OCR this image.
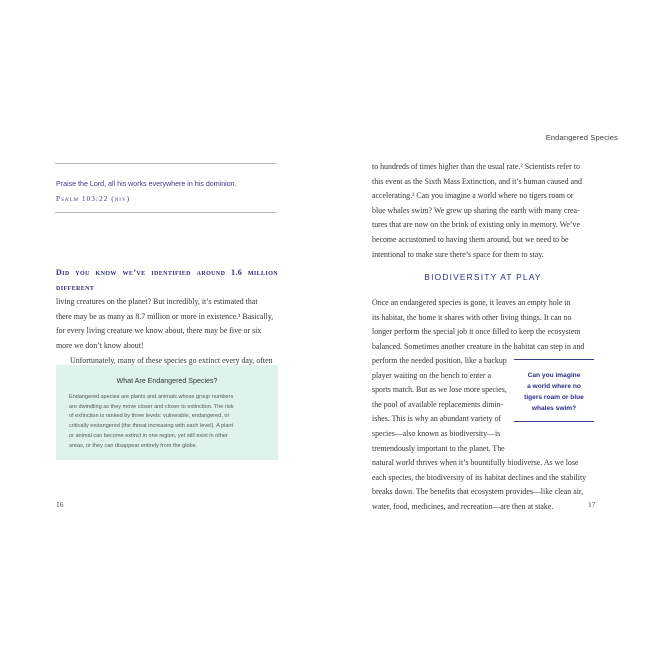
Praise the Lord, all his works everywhere in his dominion.
Psalm 103:22 (niv)
Did you know we’ve identified around 1.6 million different
living creatures on the planet? But incredibly, it’s estimated that
there may be as many as 8.7 million or more in existence.¹ Basically,
for every living creature we know about, there may be five or six
more we don’t know about!
Unfortunately, many of these species go extinct every day, often
What Are Endangered Species?
Endangered species are plants and animals whose group numbers
are dwindling as they move closer and closer to extinction. The risk
of extinction is ranked by three levels: vulnerable, endangered, or
critically endangered (the threat increasing with each level). A plant
or animal can become extinct in one region, yet still exist in other
areas, or they can disappear entirely from the globe.
16
Endangered Species
to hundreds of times higher than the usual rate.² Scientists refer to
this event as the Sixth Mass Extinction, and it’s human caused and
accelerating.³ Can you imagine a world where no tigers roam or
blue whales swim? We grew up sharing the earth with many crea-
tures that are now on the brink of existing only in memory. We’ve
become accustomed to having them around, but we need to be
intentional to make sure there’s space for them to stay.
BIODIVERSITY AT PLAY
Once an endangered species is gone, it leaves an empty hole in
its habitat, the home it shares with other living things. It can no
longer perform the special job it once filled to keep the ecosystem
balanced. Sometimes another creature in the habitat can step in and
perform the needed position, like a backup
player waiting on the bench to enter a
sports match. But as we lose more species,
the pool of available replacements dimin-
ishes. This is why an abundant variety of
species—also known as biodiversity—is
tremendously important to the planet. The
natural world thrives when it’s bountifully biodiverse. As we lose
each species, the biodiversity of its habitat declines and the stability
breaks down. The benefits that ecosystem provides—like clean air,
water, food, medicines, and recreation—are then at stake.
Can you imagine
a world where no
tigers roam or blue
whales swim?
17
